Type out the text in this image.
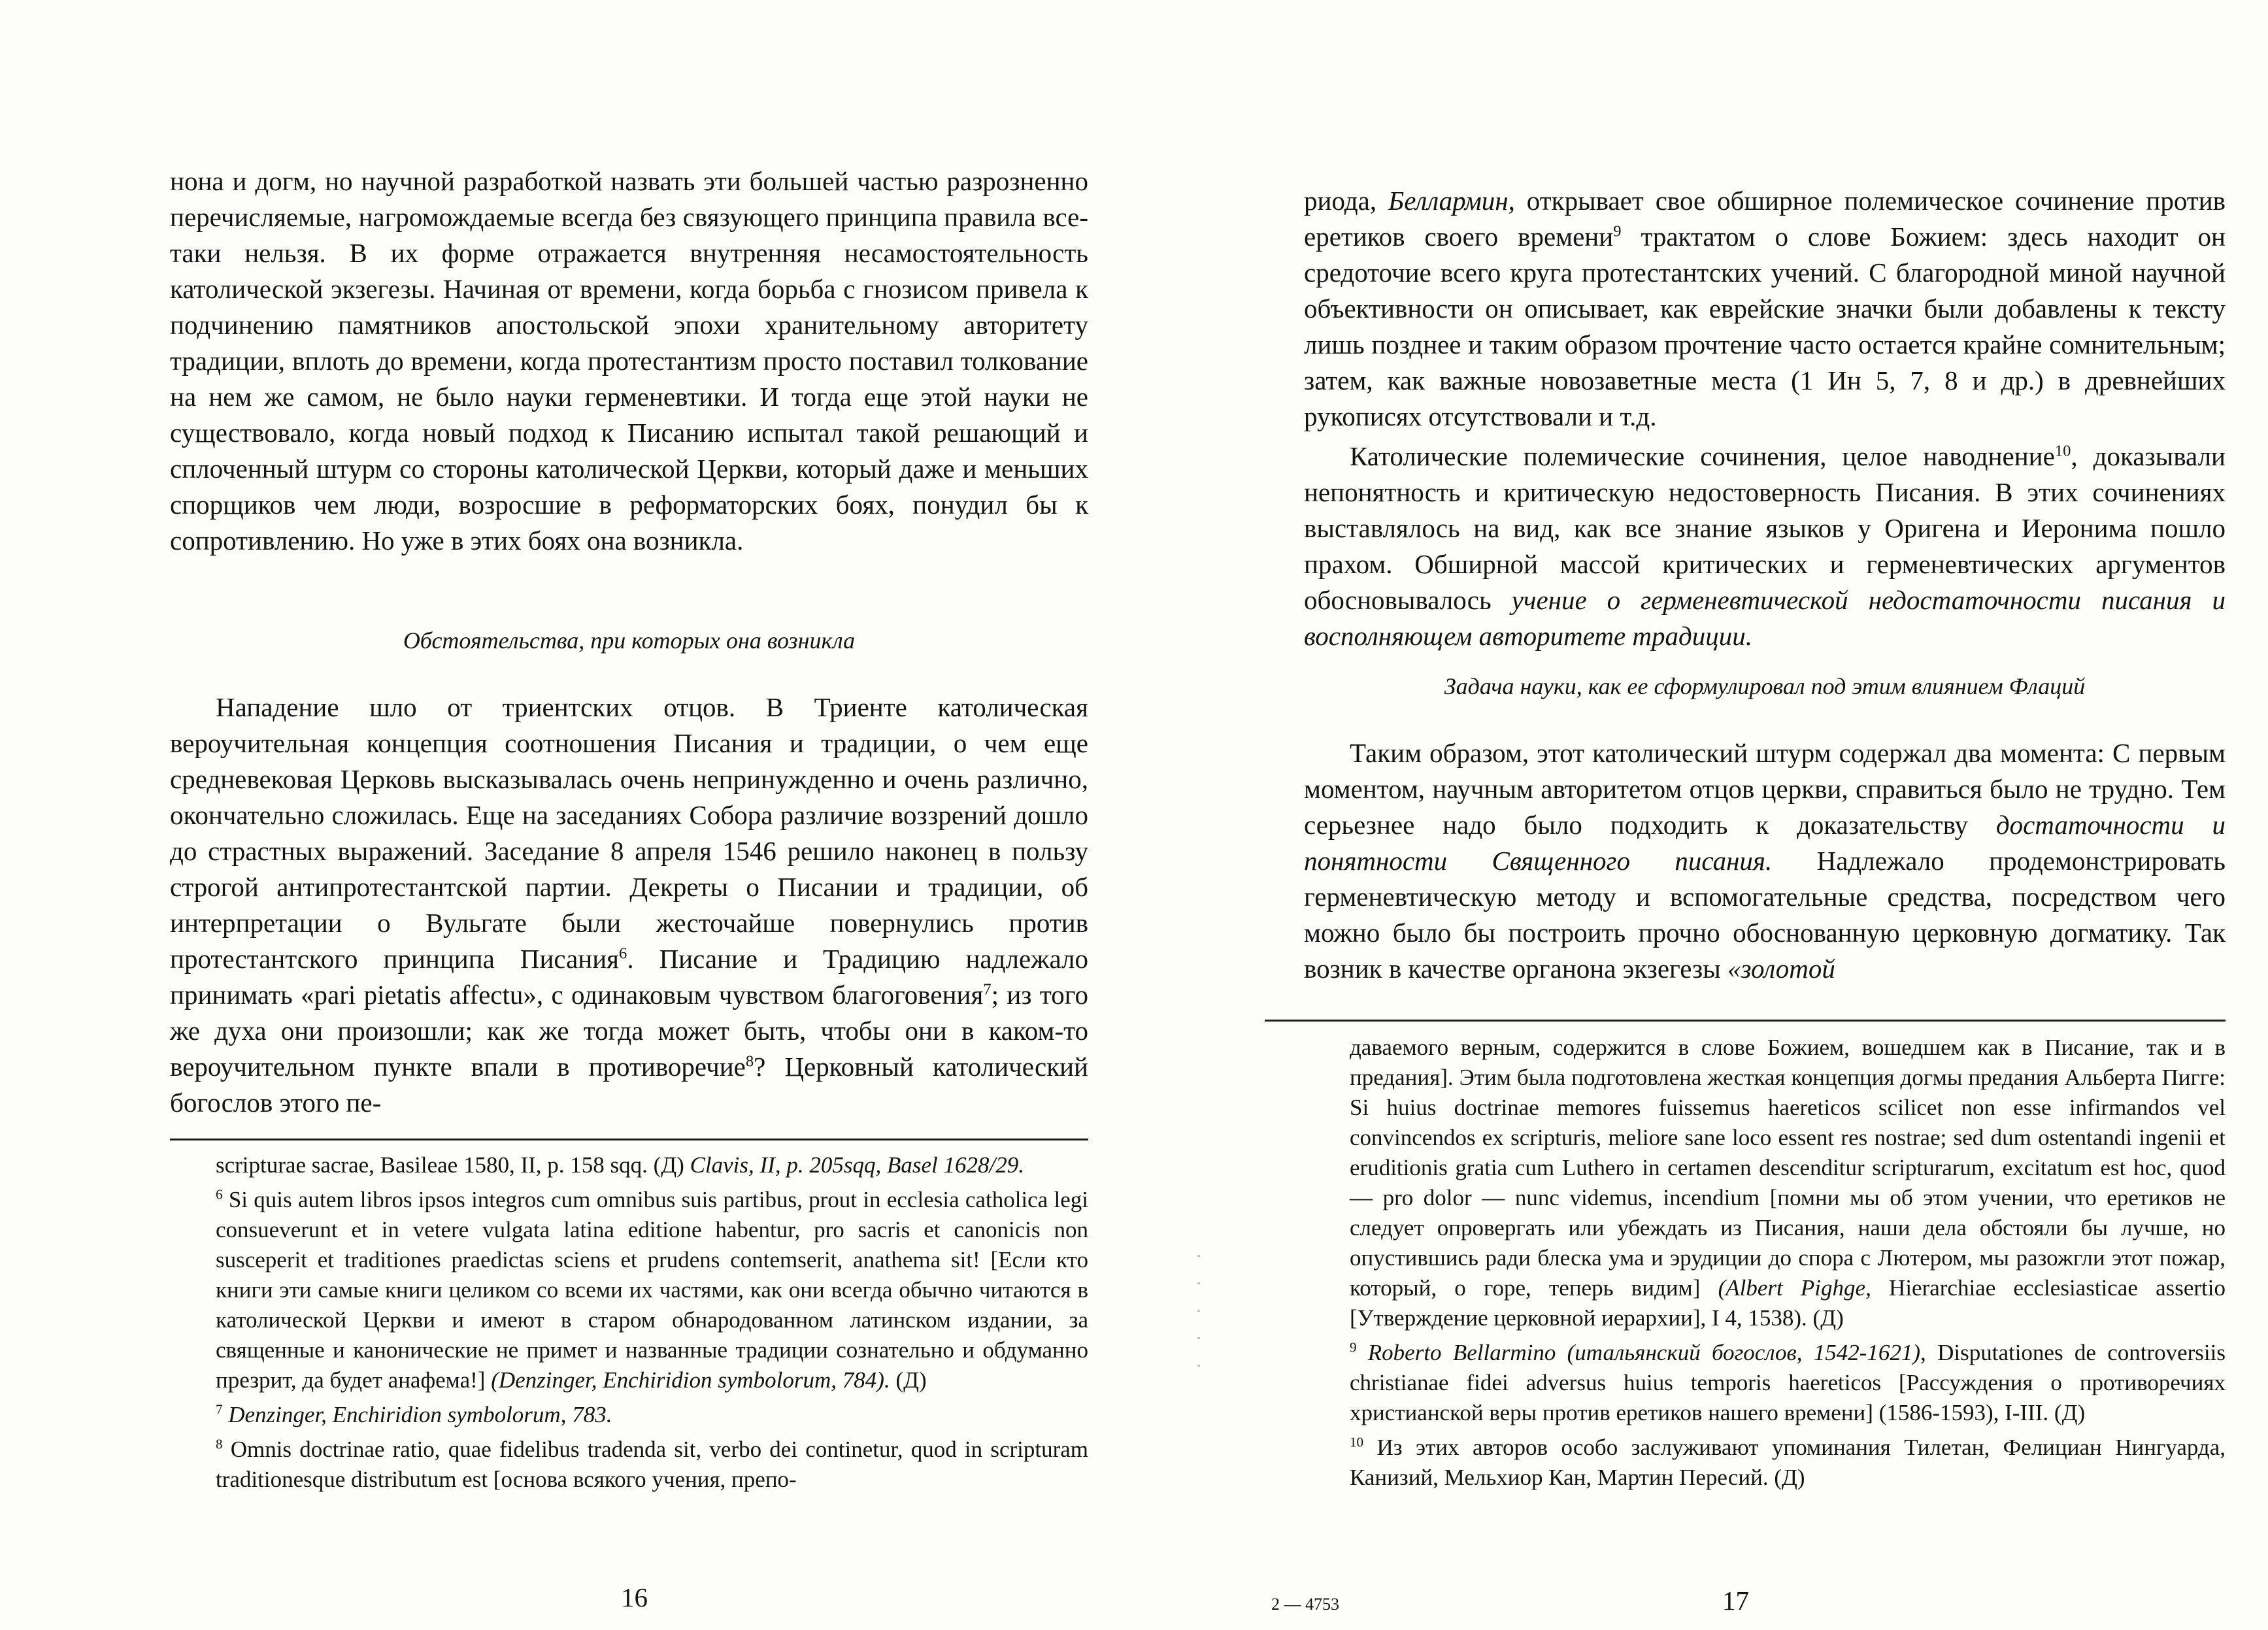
нона и догм, но научной разработкой назвать эти большей частью разрозненно перечисляемые, нагромождаемые всегда без связующего принципа правила все-таки нельзя. В их форме отражается внутренняя несамостоятельность католической экзегезы. Начиная от времени, когда борьба с гнозисом привела к подчинению памятников апостольской эпохи хранительному авторитету традиции, вплоть до времени, когда протестантизм просто поставил толкование на нем же самом, не было науки герменевтики. И тогда еще этой науки не существовало, когда новый подход к Писанию испытал такой решающий и сплоченный штурм со стороны католической Церкви, который даже и меньших спорщиков чем люди, возросшие в реформаторских боях, понудил бы к сопротивлению. Но уже в этих боях она возникла.

Обстоятельства, при которых она возникла

Нападение шло от триентских отцов. В Триенте католическая вероучительная концепция соотношения Писания и традиции, о чем еще средневековая Церковь высказывалась очень непринужденно и очень различно, окончательно сложилась. Еще на заседаниях Собора различие воззрений дошло до страстных выражений. Заседание 8 апреля 1546 решило наконец в пользу строгой антипротестантской партии. Декреты о Писании и традиции, об интерпретации о Вульгате были жесточайше повернулись против протестантского принципа Писания$^6$. Писание и Традицию надлежало принимать «pari pietatis affectu», с одинаковым чувством благоговения$^7$; из того же духа они произошли; как же тогда может быть, чтобы они в каком-то вероучительном пункте впали в противоречие$^8$? Церковный католический богослов этого пе-

scripturae sacrae, Basileae 1580, II, p. 158 sqq. (Д) Clavis, II, p. 205sqq, Basel 1628/29.

$^6$ Si quis autem libros ipsos integros cum omnibus suis partibus, prout in ecclesia catholica legi consueverunt et in vetere vulgata latina editione habentur, pro sacris et canonicis non susceperit et traditiones praedictas sciens et prudens contemserit, anathema sit! [Если кто книги эти самые книги целиком со всеми их частями, как они всегда обычно читаются в католической Церкви и имеют в старом обнародованном латинском издании, за священные и канонические не примет и названные традиции сознательно и обдуманно презрит, да будет анафема!] (Denzinger, Enchiridion symbolorum, 784). (Д)

$^7$ Denzinger, Enchiridion symbolorum, 783.

$^8$ Omnis doctrinae ratio, quae fidelibus tradenda sit, verbo dei continetur, quod in scripturam traditionesque distributum est [основа всякого учения, препо-

16

риода, Беллармин, открывает свое обширное полемическое сочинение против еретиков своего времени$^9$ трактатом о слове Божием: здесь находит он средоточие всего круга протестантских учений. С благородной миной научной объективности он описывает, как еврейские значки были добавлены к тексту лишь позднее и таким образом прочтение часто остается крайне сомнительным; затем, как важные новозаветные места (1 Ин 5, 7, 8 и др.) в древнейших рукописях отсутствовали и т.д.

Католические полемические сочинения, целое наводнение$^{10}$, доказывали непонятность и критическую недостоверность Писания. В этих сочинениях выставлялось на вид, как все знание языков у Оригена и Иеронима пошло прахом. Обширной массой критических и герменевтических аргументов обосновывалось учение о герменевтической недостаточности писания и восполняющем авторитете традиции.

Задача науки, как ее сформулировал под этим влиянием Флаций

Таким образом, этот католический штурм содержал два момента: С первым моментом, научным авторитетом отцов церкви, справиться было не трудно. Тем серьезнее надо было подходить к доказательству достаточности и понятности Священного писания. Надлежало продемонстрировать герменевтическую методу и вспомогательные средства, посредством чего можно было бы построить прочно обоснованную церковную догматику. Так возник в качестве органона экзегезы «золотой

даваемого верным, содержится в слове Божием, вошедшем как в Писание, так и в предания]. Этим была подготовлена жесткая концепция догмы предания Альберта Пигге: Si huius doctrinae memores fuissemus haereticos scilicet non esse infirmandos vel convincendos ex scripturis, meliore sane loco essent res nostrae; sed dum ostentandi ingenii et eruditionis gratia cum Luthero in certamen descenditur scripturarum, excitatum est hoc, quod — pro dolor — nunc videmus, incendium [помни мы об этом учении, что еретиков не следует опровергать или убеждать из Писания, наши дела обстояли бы лучше, но опустившись ради блеска ума и эрудиции до спора с Лютером, мы разожгли этот пожар, который, о горе, теперь видим] (Albert Pighge, Hierarchiae ecclesiasticae assertio [Утверждение церковной иерархии], I 4, 1538). (Д)

$^9$ Roberto Bellarmino (итальянский богослов, 1542-1621), Disputationes de controversiis christianae fidei adversus huius temporis haereticos [Рассуждения о противоречиях христианской веры против еретиков нашего времени] (1586-1593), I-III. (Д)

$^{10}$ Из этих авторов особо заслуживают упоминания Тилетан, Фелициан Нингуарда, Канизий, Мельхиор Кан, Мартин Пересий. (Д)

2 — 4753	17
